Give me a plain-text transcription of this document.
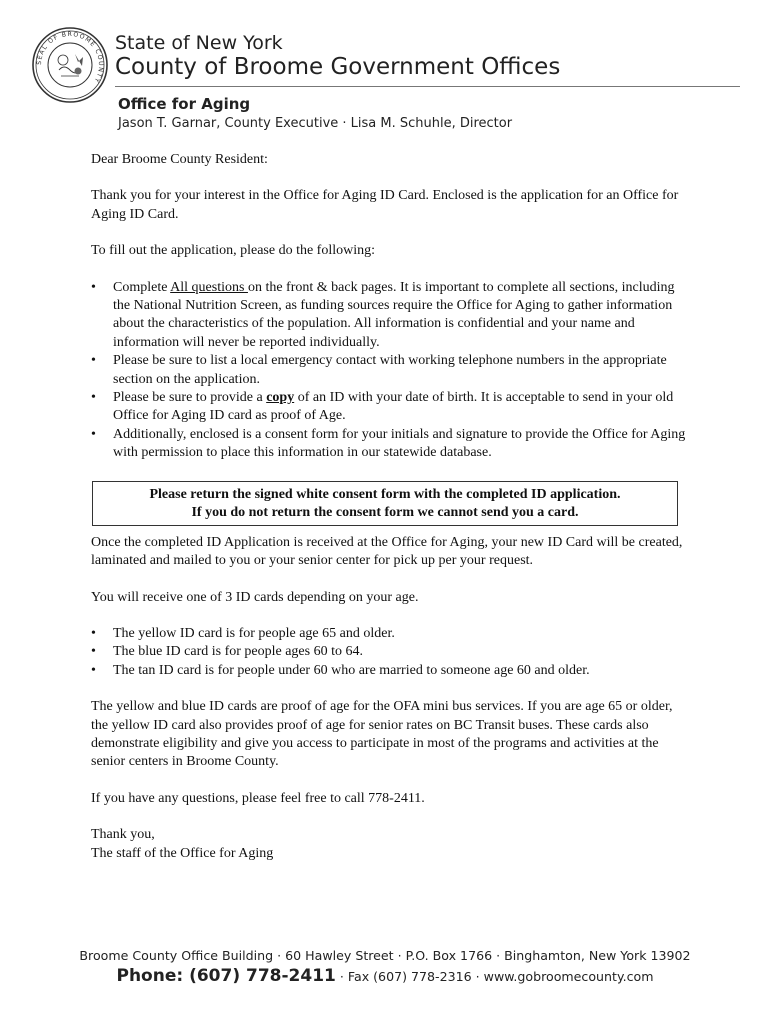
SEAL OF BROOME COUNTY
State of New York
County of Broome Government Offices
Office for Aging
Jason T. Garnar, County Executive · Lisa M. Schuhle, Director

Dear Broome County Resident:

Thank you for your interest in the Office for Aging ID Card. Enclosed is the application for an Office for Aging ID Card.

To fill out the application, please do the following:

• Complete All questions on the front & back pages. It is important to complete all sections, including the National Nutrition Screen, as funding sources require the Office for Aging to gather information about the characteristics of the population. All information is confidential and your name and information will never be reported individually.
• Please be sure to list a local emergency contact with working telephone numbers in the appropriate section on the application.
• Please be sure to provide a copy of an ID with your date of birth. It is acceptable to send in your old Office for Aging ID card as proof of Age.
• Additionally, enclosed is a consent form for your initials and signature to provide the Office for Aging with permission to place this information in our statewide database.
Please return the signed white consent form with the completed ID application.
If you do not return the consent form we cannot send you a card.

Once the completed ID Application is received at the Office for Aging, your new ID Card will be created, laminated and mailed to you or your senior center for pick up per your request.

You will receive one of 3 ID cards depending on your age.

• The yellow ID card is for people age 65 and older.
• The blue ID card is for people ages 60 to 64.
• The tan ID card is for people under 60 who are married to someone age 60 and older.

The yellow and blue ID cards are proof of age for the OFA mini bus services. If you are age 65 or older, the yellow ID card also provides proof of age for senior rates on BC Transit buses. These cards also demonstrate eligibility and give you access to participate in most of the programs and activities at the senior centers in Broome County.

If you have any questions, please feel free to call 778-2411.

Thank you,
The staff of the Office for Aging
Broome County Office Building · 60 Hawley Street · P.O. Box 1766 · Binghamton, New York 13902
Phone: (607) 778-2411 · Fax (607) 778-2316 · www.gobroomecounty.com
